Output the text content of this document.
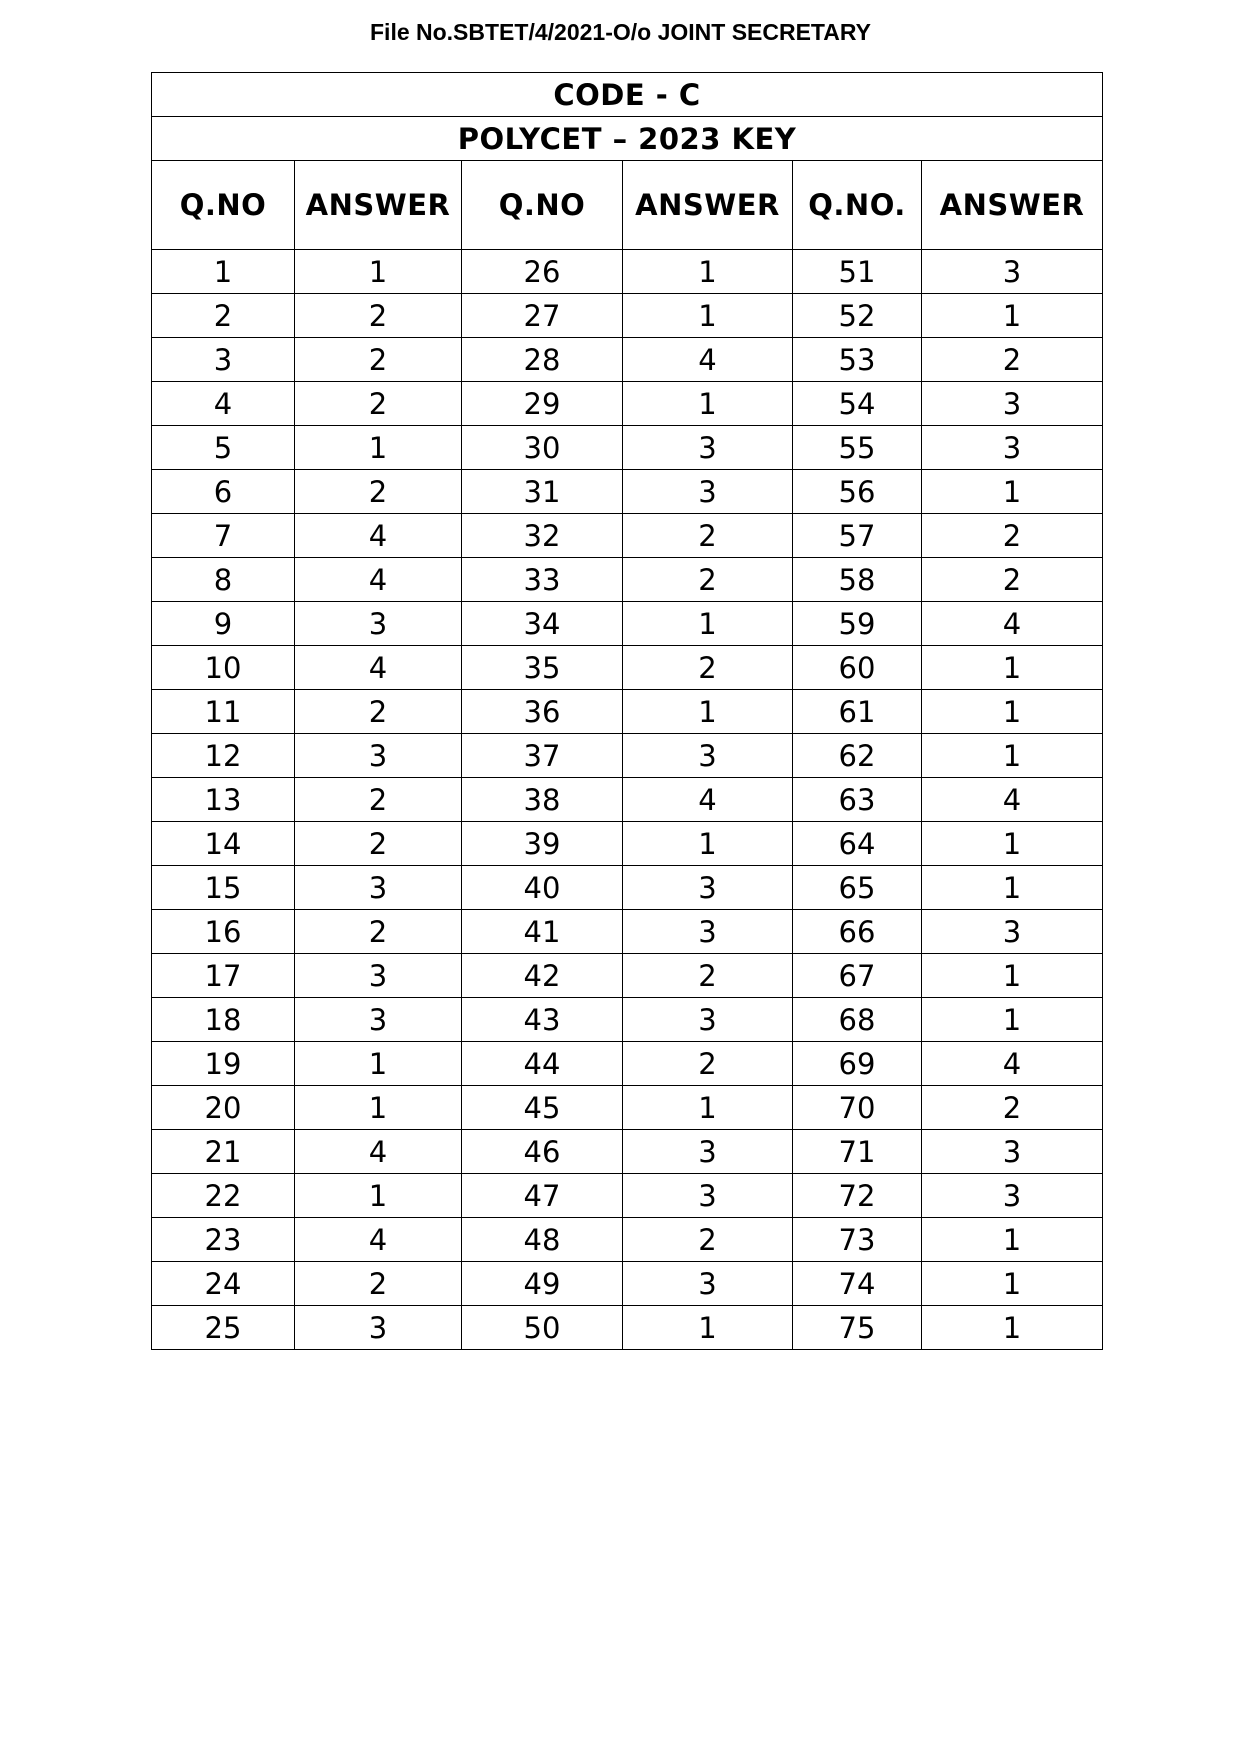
File No.SBTET/4/2021-O/o JOINT SECRETARY
CODE - C					
POLYCET – 2023 KEY					
Q.NO	ANSWER	Q.NO	ANSWER	Q.NO.	ANSWER
1	1	26	1	51	3
2	2	27	1	52	1
3	2	28	4	53	2
4	2	29	1	54	3
5	1	30	3	55	3
6	2	31	3	56	1
7	4	32	2	57	2
8	4	33	2	58	2
9	3	34	1	59	4
10	4	35	2	60	1
11	2	36	1	61	1
12	3	37	3	62	1
13	2	38	4	63	4
14	2	39	1	64	1
15	3	40	3	65	1
16	2	41	3	66	3
17	3	42	2	67	1
18	3	43	3	68	1
19	1	44	2	69	4
20	1	45	1	70	2
21	4	46	3	71	3
22	1	47	3	72	3
23	4	48	2	73	1
24	2	49	3	74	1
25	3	50	1	75	1
